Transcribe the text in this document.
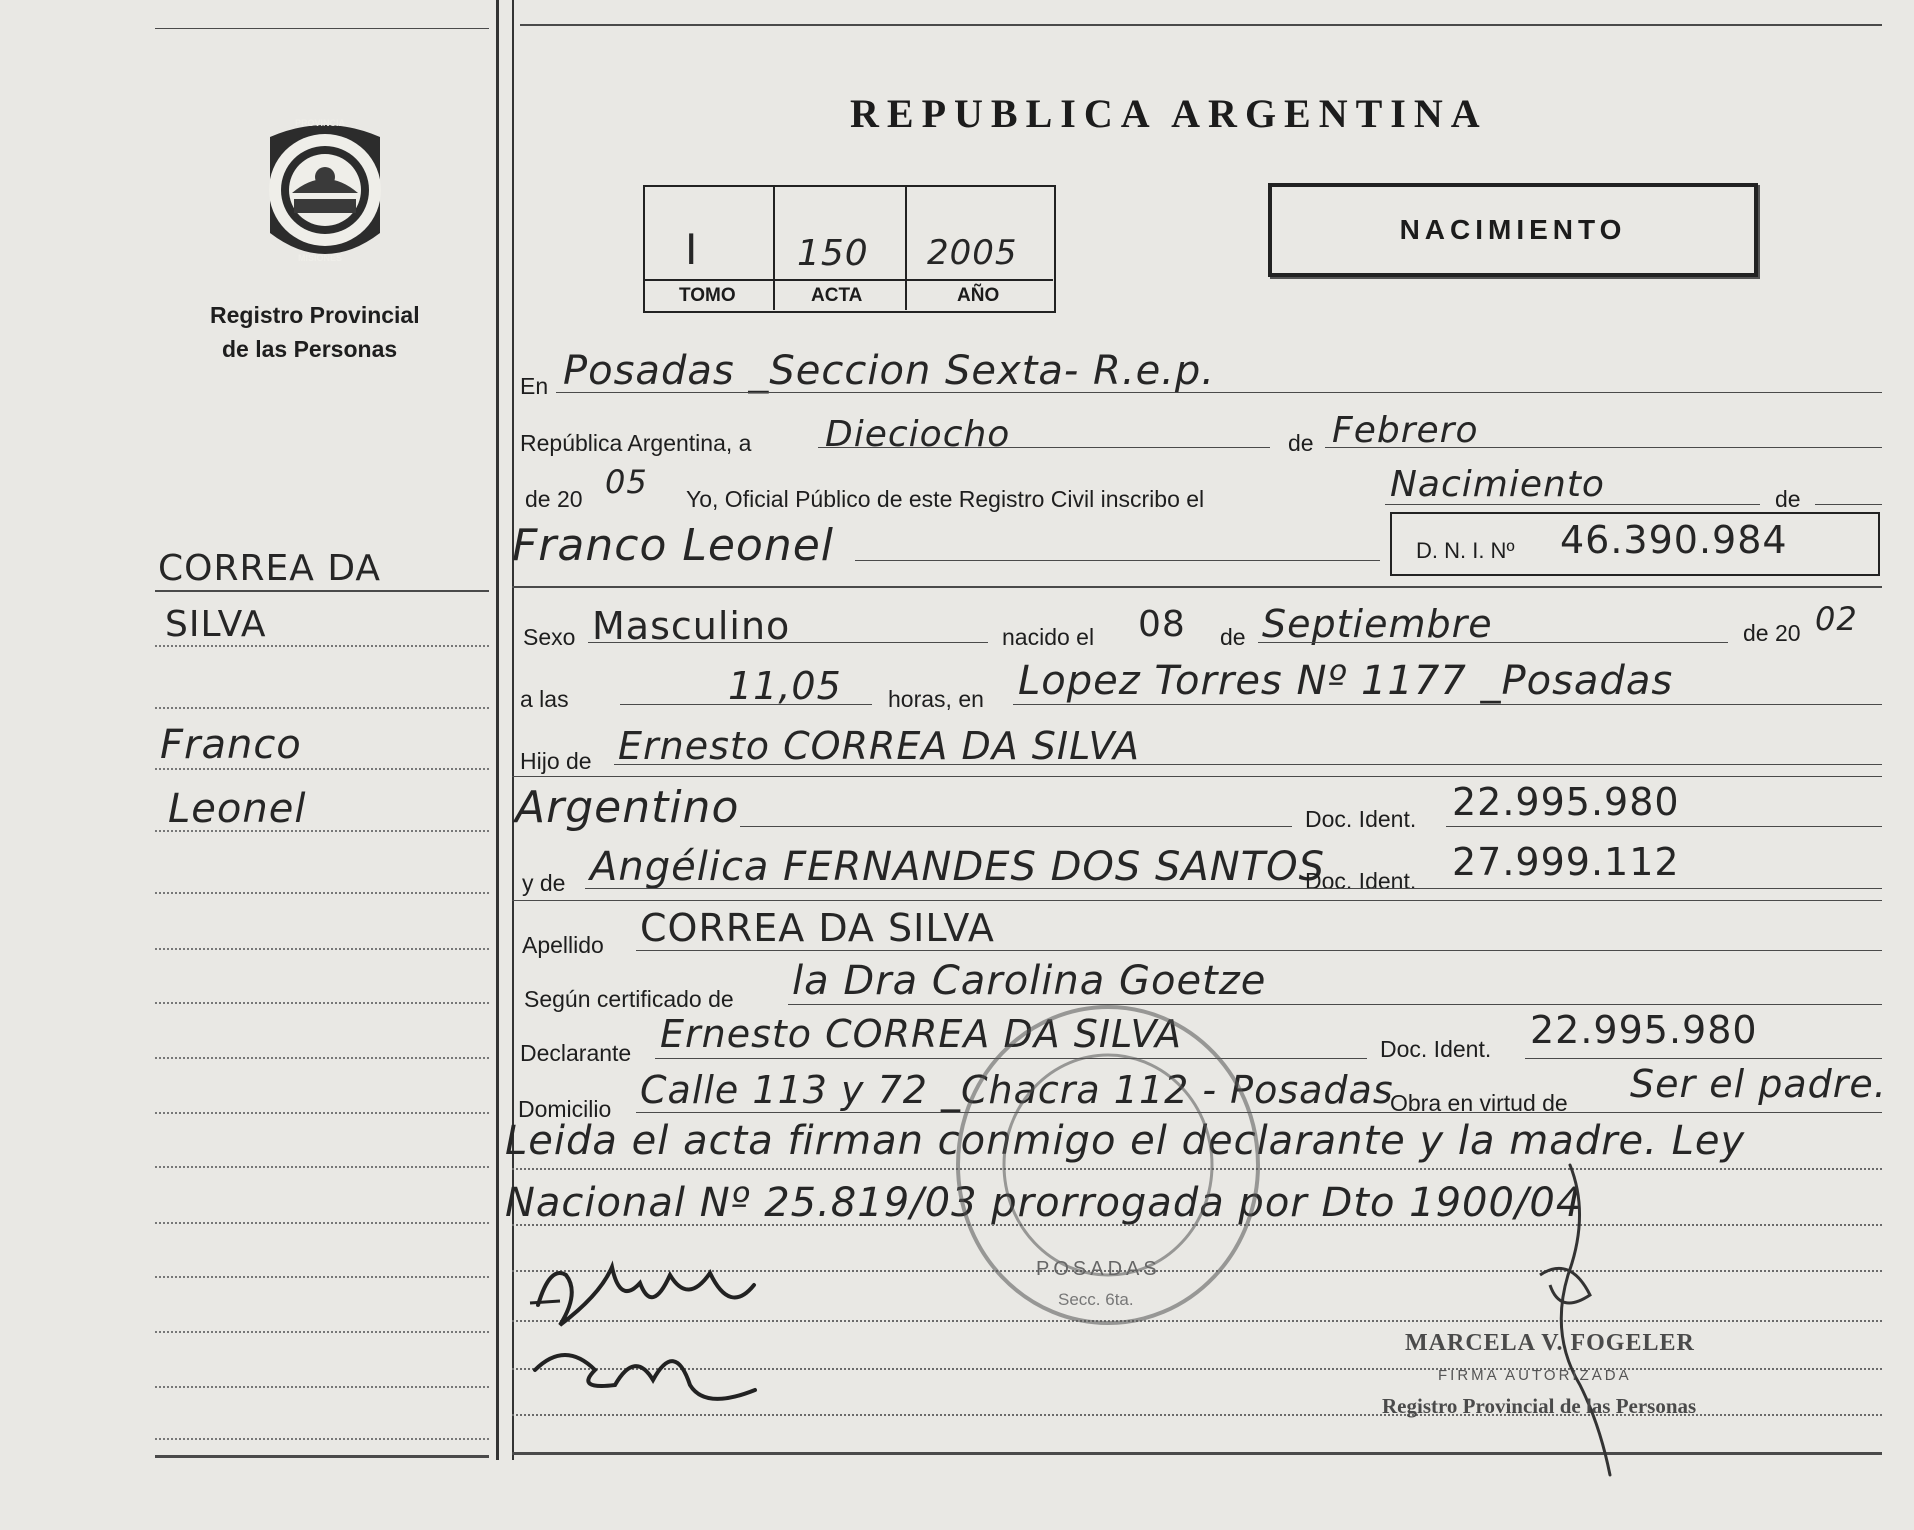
PROVINCIA
MISIONES
Registro Provincial
de las Personas
CORREA DA
SILVA
Franco
Leonel
REPUBLICA ARGENTINA
I	150 2005
TOMO	ACTA	AÑO
NACIMIENTO
En Posadas _Seccion Sexta- R.e.p.
República Argentina, a Dieciocho	de Febrero
de 20 05 Yo, Oficial Público de este Registro Civil inscribo el	Nacimiento	de
Franco Leonel	D. N. I. Nº 46.390.984
Sexo Masculino	nacido el 08 de Septiembre	de 20 02
a las	11,05 horas, en Lopez Torres Nº 1177 _Posadas
Hijo de Ernesto CORREA DA SILVA
Argentino	Doc. Ident. 22.995.980
y de Angélica FERNANDES DOS SANTOS
Doc. Ident. 27.999.112
Apellido CORREA DA SILVA
Según certificado de la Dra Carolina Goetze
Declarante Ernesto CORREA DA SILVA	Doc. Ident. 22.995.980
Domicilio Calle 113 y 72 _Chacra 112 - Posadas
Obra en virtud de Ser el padre.
Leida el acta firman conmigo el declarante y la madre. Ley
Nacional Nº 25.819/03 prorrogada por Dto 1900/04
POSADAS
Secc. 6ta.
MARCELA V. FOGELER
FIRMA AUTORIZADA
Registro Provincial de las Personas
